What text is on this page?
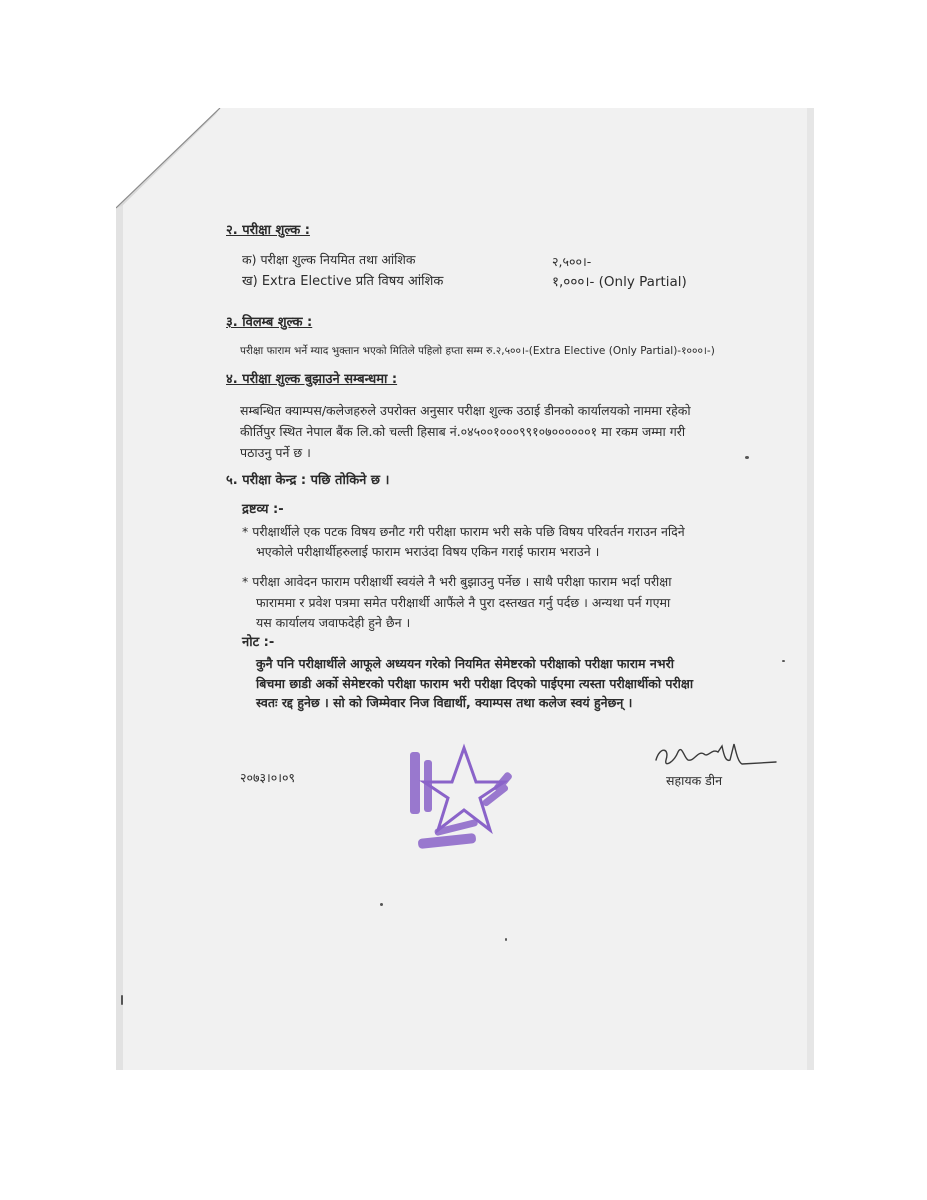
२. परीक्षा शुल्क :
क) परीक्षा शुल्क नियमित तथा आंशिक	२,५००।-
ख) Extra Elective प्रति विषय आंशिक	१,०००।- (Only Partial)
३. विलम्ब शुल्क :
परीक्षा फाराम भर्ने म्याद भुक्तान भएको मितिले पहिलो हप्ता सम्म रु.२,५००।-(Extra Elective (Only Partial)-१०००।-)
४. परीक्षा शुल्क बुझाउने सम्बन्धमा :
सम्बन्धित क्याम्पस/कलेजहरुले उपरोक्त अनुसार परीक्षा शुल्क उठाई डीनको कार्यालयको नाममा रहेको
कीर्तिपुर स्थित नेपाल बैंक लि.को चल्ती हिसाब नं.०४५००१०००९९१०७००००००१ मा रकम जम्मा गरी
पठाउनु पर्ने छ ।
५. परीक्षा केन्द्र : पछि तोकिने छ ।
द्रष्टव्य :-
* परीक्षार्थीले एक पटक विषय छनौट गरी परीक्षा फाराम भरी सके पछि विषय परिवर्तन गराउन नदिने
भएकोले परीक्षार्थीहरुलाई फाराम भराउंदा विषय एकिन गराई फाराम भराउने ।
* परीक्षा आवेदन फाराम परीक्षार्थी स्वयंले नै भरी बुझाउनु पर्नेछ । साथै परीक्षा फाराम भर्दा परीक्षा
फाराममा र प्रवेश पत्रमा समेत परीक्षार्थी आफैंले नै पुरा दस्तखत गर्नु पर्दछ । अन्यथा पर्न गएमा
यस कार्यालय जवाफदेही हुने छैन ।
नोट :-
कुनै पनि परीक्षार्थीले आफूले अध्ययन गरेको नियमित सेमेष्टरको परीक्षाको परीक्षा फाराम नभरी
बिचमा छाडी अर्को सेमेष्टरको परीक्षा फाराम भरी परीक्षा दिएको पाईएमा त्यस्ता परीक्षार्थीको परीक्षा
स्वतः रद्द हुनेछ । सो को जिम्मेवार निज विद्यार्थी, क्याम्पस तथा कलेज स्वयं हुनेछन् ।
२०७३।०।०९	सहायक डीन
